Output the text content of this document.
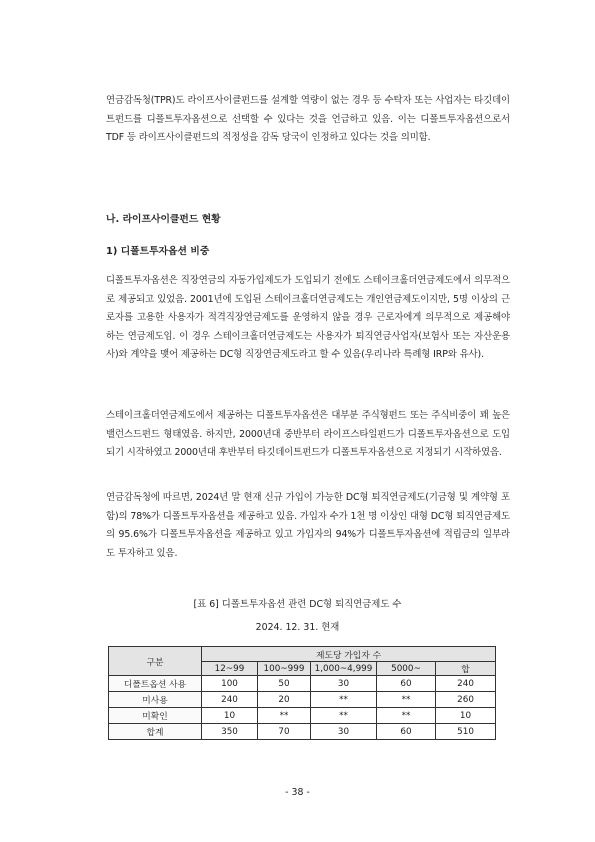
연금감독청(TPR)도 라이프사이클펀드를 설계할 역량이 없는 경우 등 수탁자 또는 사업자는 타깃데이트펀드를 디폴트투자옵션으로 선택할 수 있다는 것을 언급하고 있음. 이는 디폴트투자옵션으로서 TDF 등 라이프사이클펀드의 적정성을 감독 당국이 인정하고 있다는 것을 의미함.

나. 라이프사이클펀드 현황

1) 디폴트투자옵션 비중

디폴트투자옵션은 직장연금의 자동가입제도가 도입되기 전에도 스테이크홀더연금제도에서 의무적으로 제공되고 있었음. 2001년에 도입된 스테이크홀더연금제도는 개인연금제도이지만, 5명 이상의 근로자를 고용한 사용자가 적격직장연금제도를 운영하지 않을 경우 근로자에게 의무적으로 제공해야 하는 연금제도임. 이 경우 스테이크홀더연금제도는 사용자가 퇴직연금사업자(보험사 또는 자산운용사)와 계약을 맺어 제공하는 DC형 직장연금제도라고 할 수 있음(우리나라 특례형 IRP와 유사).

스테이크홀더연금제도에서 제공하는 디폴트투자옵션은 대부분 주식형펀드 또는 주식비중이 꽤 높은 밸런스드펀드 형태였음. 하지만, 2000년대 중반부터 라이프스타일펀드가 디폴트투자옵션으로 도입되기 시작하였고 2000년대 후반부터 타깃데이트펀드가 디폴트투자옵션으로 지정되기 시작하였음.

연금감독청에 따르면, 2024년 말 현재 신규 가입이 가능한 DC형 퇴직연금제도(기금형 및 계약형 포함)의 78%가 디폴트투자옵션을 제공하고 있음. 가입자 수가 1천 명 이상인 대형 DC형 퇴직연금제도의 95.6%가 디폴트투자옵션을 제공하고 있고 가입자의 94%가 디폴트투자옵션에 적립금의 일부라도 투자하고 있음.

[표 6] 디폴트투자옵션 관련 DC형 퇴직연금제도 수

2024. 12. 31. 현재

구분	제도당 가입자 수				
	12~99	100~999	1,000~4,999	5000~	합
디폴트옵션 사용	100	50	30	60	240
미사용	240	20	**	**	260
미확인	10	**	**	**	10
합계	350	70	30	60	510

- 38 -
